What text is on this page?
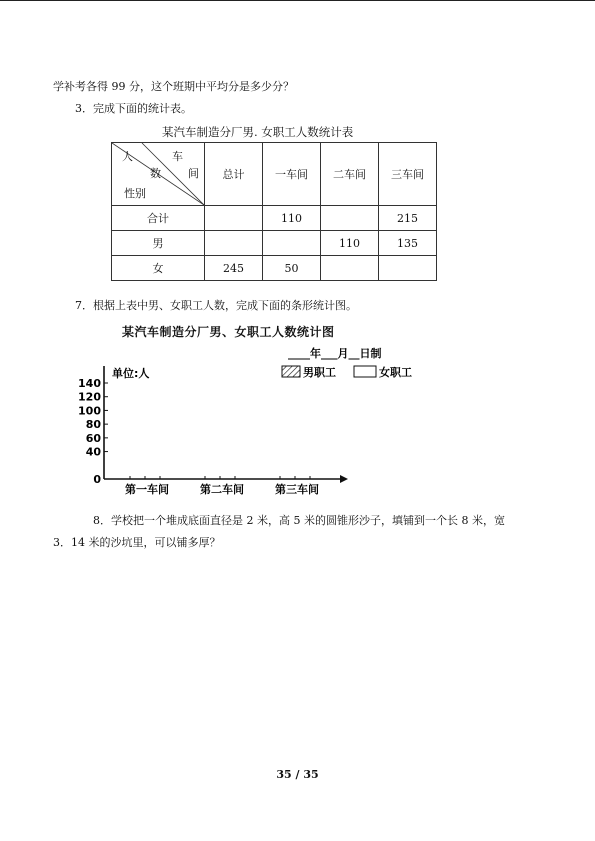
学补考各得 99 分，这个班期中平均分是多少分？
3．完成下面的统计表。
某汽车制造分厂男. 女职工人数统计表
人 车
数 间
性别	总计	一车间	二车间	三车间
合计		110		215
男			110	135
女	245	50		
7．根据上表中男、女职工人数，完成下面的条形统计图。
某汽车制造分厂男、女职工人数统计图
____年___月__日制
男职工	女职工
单位:人
0
40
60
80
100
120
140
第一车间	第二车间	第三车间
8．学校把一个堆成底面直径是 2 米，高 5 米的圆锥形沙子，填铺到一个长 8 米，宽
3．14 米的沙坑里，可以铺多厚？
35 / 35
